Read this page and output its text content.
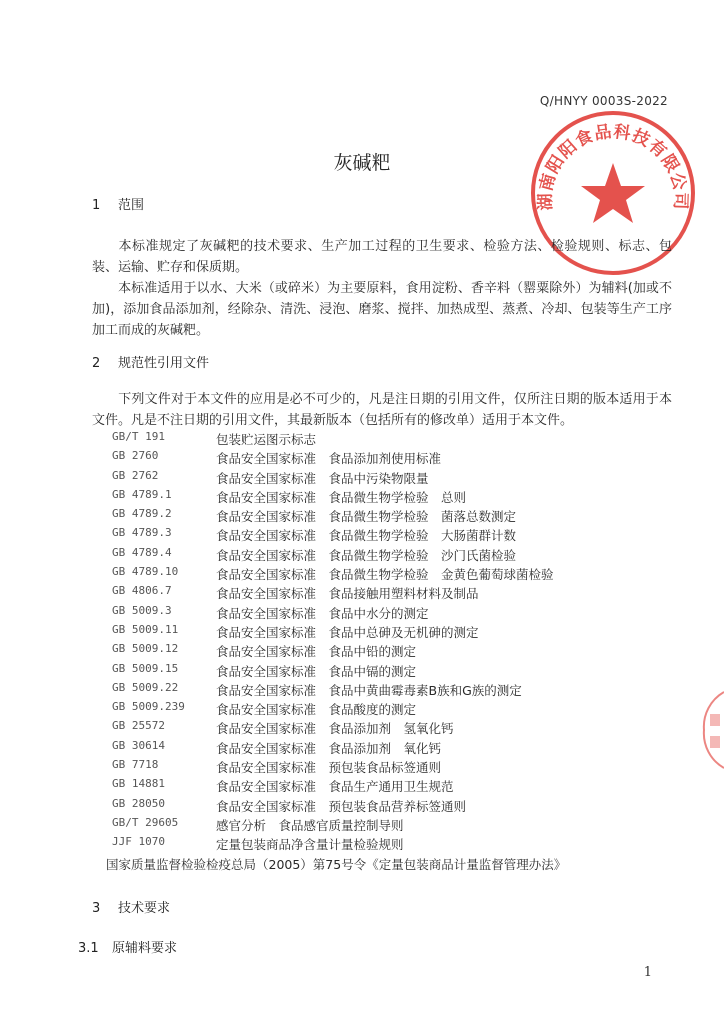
Q/HNYY 0003S-2022
湖南阳阳食品科技有限公司
灰碱粑
1 范围
本标准规定了灰碱粑的技术要求、生产加工过程的卫生要求、检验方法、检验规则、标志、包装、运输、贮存和保质期。
本标准适用于以水、大米（或碎米）为主要原料，食用淀粉、香辛料（罂粟除外）为辅料(加或不加)，添加食品添加剂，经除杂、清洗、浸泡、磨浆、搅拌、加热成型、蒸煮、冷却、包装等生产工序加工而成的灰碱粑。
2 规范性引用文件
下列文件对于本文件的应用是必不可少的，凡是注日期的引用文件，仅所注日期的版本适用于本文件。凡是不注日期的引用文件，其最新版本（包括所有的修改单）适用于本文件。
GB/T 191	包装贮运图示标志
GB 2760	食品安全国家标准　食品添加剂使用标准
GB 2762	食品安全国家标准　食品中污染物限量
GB 4789.1	食品安全国家标准　食品微生物学检验　总则
GB 4789.2	食品安全国家标准　食品微生物学检验　菌落总数测定
GB 4789.3	食品安全国家标准　食品微生物学检验　大肠菌群计数
GB 4789.4	食品安全国家标准　食品微生物学检验　沙门氏菌检验
GB 4789.10	食品安全国家标准　食品微生物学检验　金黄色葡萄球菌检验
GB 4806.7	食品安全国家标准　食品接触用塑料材料及制品
GB 5009.3	食品安全国家标准　食品中水分的测定
GB 5009.11	食品安全国家标准　食品中总砷及无机砷的测定
GB 5009.12	食品安全国家标准　食品中铅的测定
GB 5009.15	食品安全国家标准　食品中镉的测定
GB 5009.22	食品安全国家标准　食品中黄曲霉毒素B族和G族的测定
GB 5009.239 食品安全国家标准　食品酸度的测定
GB 25572	食品安全国家标准　食品添加剂　氢氧化钙
GB 30614	食品安全国家标准　食品添加剂　氧化钙
GB 7718	食品安全国家标准　预包装食品标签通则
GB 14881	食品安全国家标准　食品生产通用卫生规范
GB 28050	食品安全国家标准　预包装食品营养标签通则
GB/T 29605	感官分析　食品感官质量控制导则
JJF 1070	定量包装商品净含量计量检验规则
国家质量监督检验检疫总局（2005）第75号令《定量包装商品计量监督管理办法》
3 技术要求
3.1 原辅料要求
1
